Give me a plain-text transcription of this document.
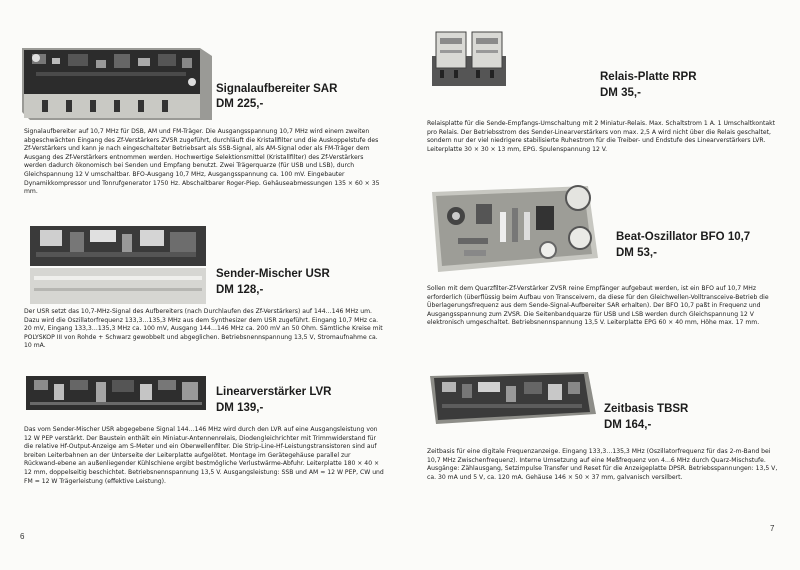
Signalaufbereiter SAR

DM 225,-

Signalaufbereiter auf 10,7 MHz für DSB, AM und FM-Träger. Die Ausgangsspannung 10,7 MHz wird einem zweiten abgeschwächten Eingang des Zf-Verstärkers ZVSR zugeführt, durchläuft die Kristallfilter und die Auskoppelstufe des Zf-Verstärkers und kann je nach eingeschalteter Betriebsart als SSB-Signal, als AM-Signal oder als FM-Träger dem Ausgang des Zf-Verstärkers entnommen werden. Hochwertige Selektionsmittel (Kristallfilter) des Zf-Verstärkers werden dadurch ökonomisch bei Senden und Empfang benutzt. Zwei Trägerquarze (für USB und LSB), durch Gleichspannung 12 V umschaltbar. BFO-Ausgang 10,7 MHz, Ausgangsspannung ca. 100 mV. Eingebauter Dynamikkompressor und Tonrufgenerator 1750 Hz. Abschaltbarer Roger-Piep. Gehäuseabmessungen 135 × 60 × 35 mm.

Sender-Mischer USR

DM 128,-

Der USR setzt das 10,7-MHz-Signal des Aufbereiters (nach Durchlaufen des Zf-Verstärkers) auf 144…146 MHz um. Dazu wird die Oszillatorfrequenz 133,3…135,3 MHz aus dem Synthesizer dem USR zugeführt. Eingang 10,7 MHz ca. 20 mV, Eingang 133,3…135,3 MHz ca. 100 mV, Ausgang 144…146 MHz ca. 200 mV an 50 Ohm. Sämtliche Kreise mit POLYSKOP III von Rohde + Schwarz gewobbelt und abgeglichen. Betriebsnennspannung 13,5 V, Stromaufnahme ca. 10 mA.

Linearverstärker LVR

DM 139,-

Das vom Sender-Mischer USR abgegebene Signal 144…146 MHz wird durch den LVR auf eine Ausgangsleistung von 12 W PEP verstärkt. Der Baustein enthält ein Miniatur-Antennenrelais, Diodengleichrichter mit Trimmwiderstand für die relative Hf-Output-Anzeige am S-Meter und ein Oberwellenfilter. Die Strip-Line-Hf-Leistungstransistoren sind auf breiten Leiterbahnen an der Unterseite der Leiterplatte aufgelötet. Montage im Gerätegehäuse parallel zur Rückwand-ebene an außenliegender Kühlschiene ergibt bestmögliche Verlustwärme-Abfuhr. Leiterplatte 180 × 40 × 12 mm, doppelseitig beschichtet. Betriebsnennspannung 13,5 V. Ausgangsleistung: SSB und AM ≈ 12 W PEP, CW und FM = 12 W Trägerleistung (effektive Leistung).

6
Relais-Platte RPR

DM 35,-

Relaisplatte für die Sende-Empfangs-Umschaltung mit 2 Miniatur-Relais. Max. Schaltstrom 1 A. 1 Umschaltkontakt pro Relais. Der Betriebsstrom des Sender-Linearverstärkers von max. 2,5 A wird nicht über die Relais geschaltet, sondern nur der viel niedrigere stabilisierte Ruhestrom für die Treiber- und Endstufe des Linearverstärkers LVR. Leiterplatte 30 × 30 × 13 mm, EPG. Spulenspannung 12 V.

Beat-Oszillator BFO 10,7

DM 53,-

Sollen mit dem Quarzfilter-Zf-Verstärker ZVSR reine Empfänger aufgebaut werden, ist ein BFO auf 10,7 MHz erforderlich (überflüssig beim Aufbau von Transceivern, da diese für den Gleichwellen-Volltransceive-Betrieb die Überlagerungsfrequenz aus dem Sende-Signal-Aufbereiter SAR erhalten). Der BFO 10,7 paßt in Frequenz und Ausgangsspannung zum ZVSR. Die Seitenbandquarze für USB und LSB werden durch Gleichspannung 12 V elektronisch umgeschaltet. Betriebsnennspannung 13,5 V. Leiterplatte EPG 60 × 40 mm, Höhe max. 17 mm.

Zeitbasis TBSR

DM 164,-

Zeitbasis für eine digitale Frequenzanzeige. Eingang 133,3…135,3 MHz (Oszillatorfrequenz für das 2-m-Band bei 10,7 MHz Zwischenfrequenz). Interne Umsetzung auf eine Meßfrequenz von 4…6 MHz durch Quarz-Mischstufe. Ausgänge: Zählausgang, Setzimpulse Transfer und Reset für die Anzeigeplatte DPSR. Betriebsspannungen: 13,5 V, ca. 30 mA und 5 V, ca. 120 mA. Gehäuse 146 × 50 × 37 mm, galvanisch versilbert.

7
